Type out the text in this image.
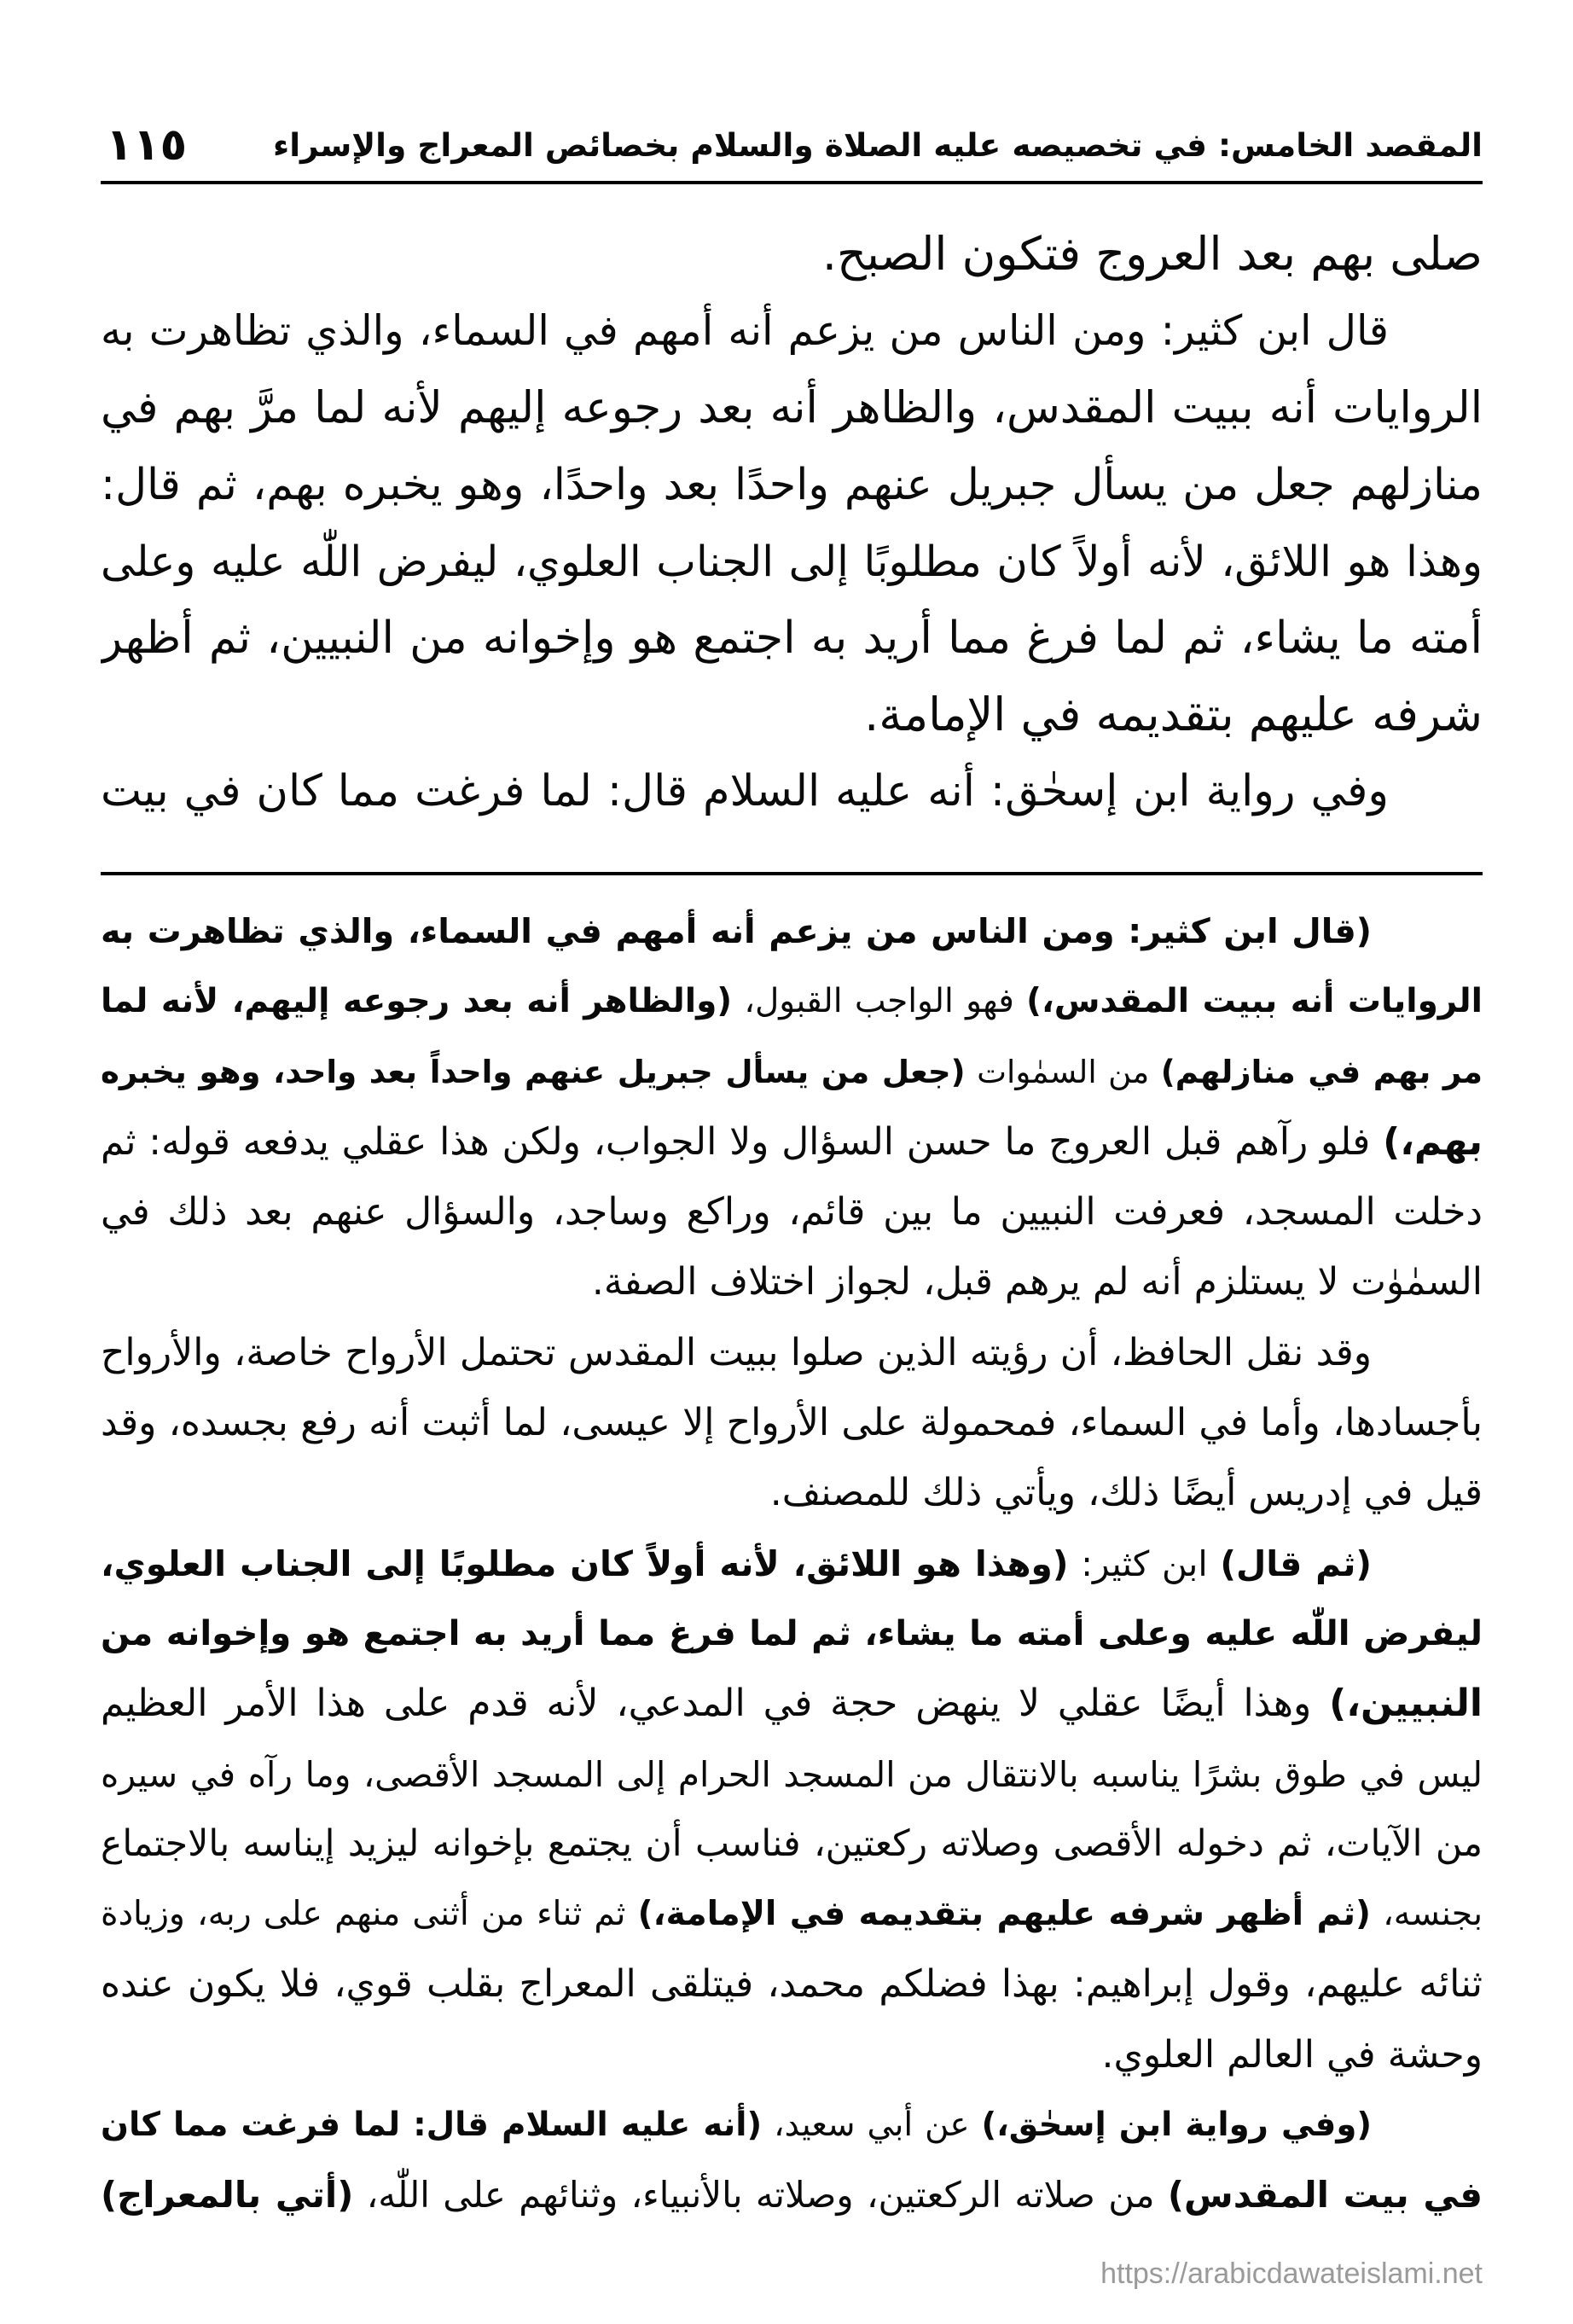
المقصد الخامس: في تخصيصه عليه الصلاة والسلام بخصائص المعراج والإسراء
١١٥
صلى بهم بعد العروج فتكون الصبح.
قال ابن كثير: ومن الناس من يزعم أنه أمهم في السماء، والذي تظاهرت به
الروايات أنه ببيت المقدس، والظاهر أنه بعد رجوعه إليهم لأنه لما مرَّ بهم في
منازلهم جعل من يسأل جبريل عنهم واحدًا بعد واحدًا، وهو يخبره بهم، ثم قال:
وهذا هو اللائق، لأنه أولاً كان مطلوبًا إلى الجناب العلوي، ليفرض اللّٰه عليه وعلى
أمته ما يشاء، ثم لما فرغ مما أريد به اجتمع هو وإخوانه من النبيين، ثم أظهر
شرفه عليهم بتقديمه في الإمامة.
وفي رواية ابن إسحٰق: أنه عليه السلام قال: لما فرغت مما كان في بيت
(قال ابن كثير: ومن الناس من يزعم أنه أمهم في السماء، والذي تظاهرت به
الروايات أنه ببيت المقدس،) فهو الواجب القبول، (والظاهر أنه بعد رجوعه إليهم، لأنه لما
مر بهم في منازلهم) من السمٰوات (جعل من يسأل جبريل عنهم واحداً بعد واحد، وهو يخبره
بهم،) فلو رآهم قبل العروج ما حسن السؤال ولا الجواب، ولكن هذا عقلي يدفعه قوله: ثم
دخلت المسجد، فعرفت النبيين ما بين قائم، وراكع وساجد، والسؤال عنهم بعد ذلك في
السمٰوٰت لا يستلزم أنه لم يرهم قبل، لجواز اختلاف الصفة.
وقد نقل الحافظ، أن رؤيته الذين صلوا ببيت المقدس تحتمل الأرواح خاصة، والأرواح
بأجسادها، وأما في السماء، فمحمولة على الأرواح إلا عيسى، لما أثبت أنه رفع بجسده، وقد
قيل في إدريس أيضًا ذلك، ويأتي ذلك للمصنف.
(ثم قال) ابن كثير: (وهذا هو اللائق، لأنه أولاً كان مطلوبًا إلى الجناب العلوي،
ليفرض اللّٰه عليه وعلى أمته ما يشاء، ثم لما فرغ مما أريد به اجتمع هو وإخوانه من
النبيين،) وهذا أيضًا عقلي لا ينهض حجة في المدعي، لأنه قدم على هذا الأمر العظيم
ليس في طوق بشرًا يناسبه بالانتقال من المسجد الحرام إلى المسجد الأقصى، وما رآه في سيره
من الآيات، ثم دخوله الأقصى وصلاته ركعتين، فناسب أن يجتمع بإخوانه ليزيد إيناسه بالاجتماع
بجنسه، (ثم أظهر شرفه عليهم بتقديمه في الإمامة،) ثم ثناء من أثنى منهم على ربه، وزيادة
ثنائه عليهم، وقول إبراهيم: بهذا فضلكم محمد، فيتلقى المعراج بقلب قوي، فلا يكون عنده
وحشة في العالم العلوي.
(وفي رواية ابن إسحٰق،) عن أبي سعيد، (أنه عليه السلام قال: لما فرغت مما كان
في بيت المقدس) من صلاته الركعتين، وصلاته بالأنبياء، وثنائهم على اللّٰه، (أتي بالمعراج)
https://arabicdawateislami.net
